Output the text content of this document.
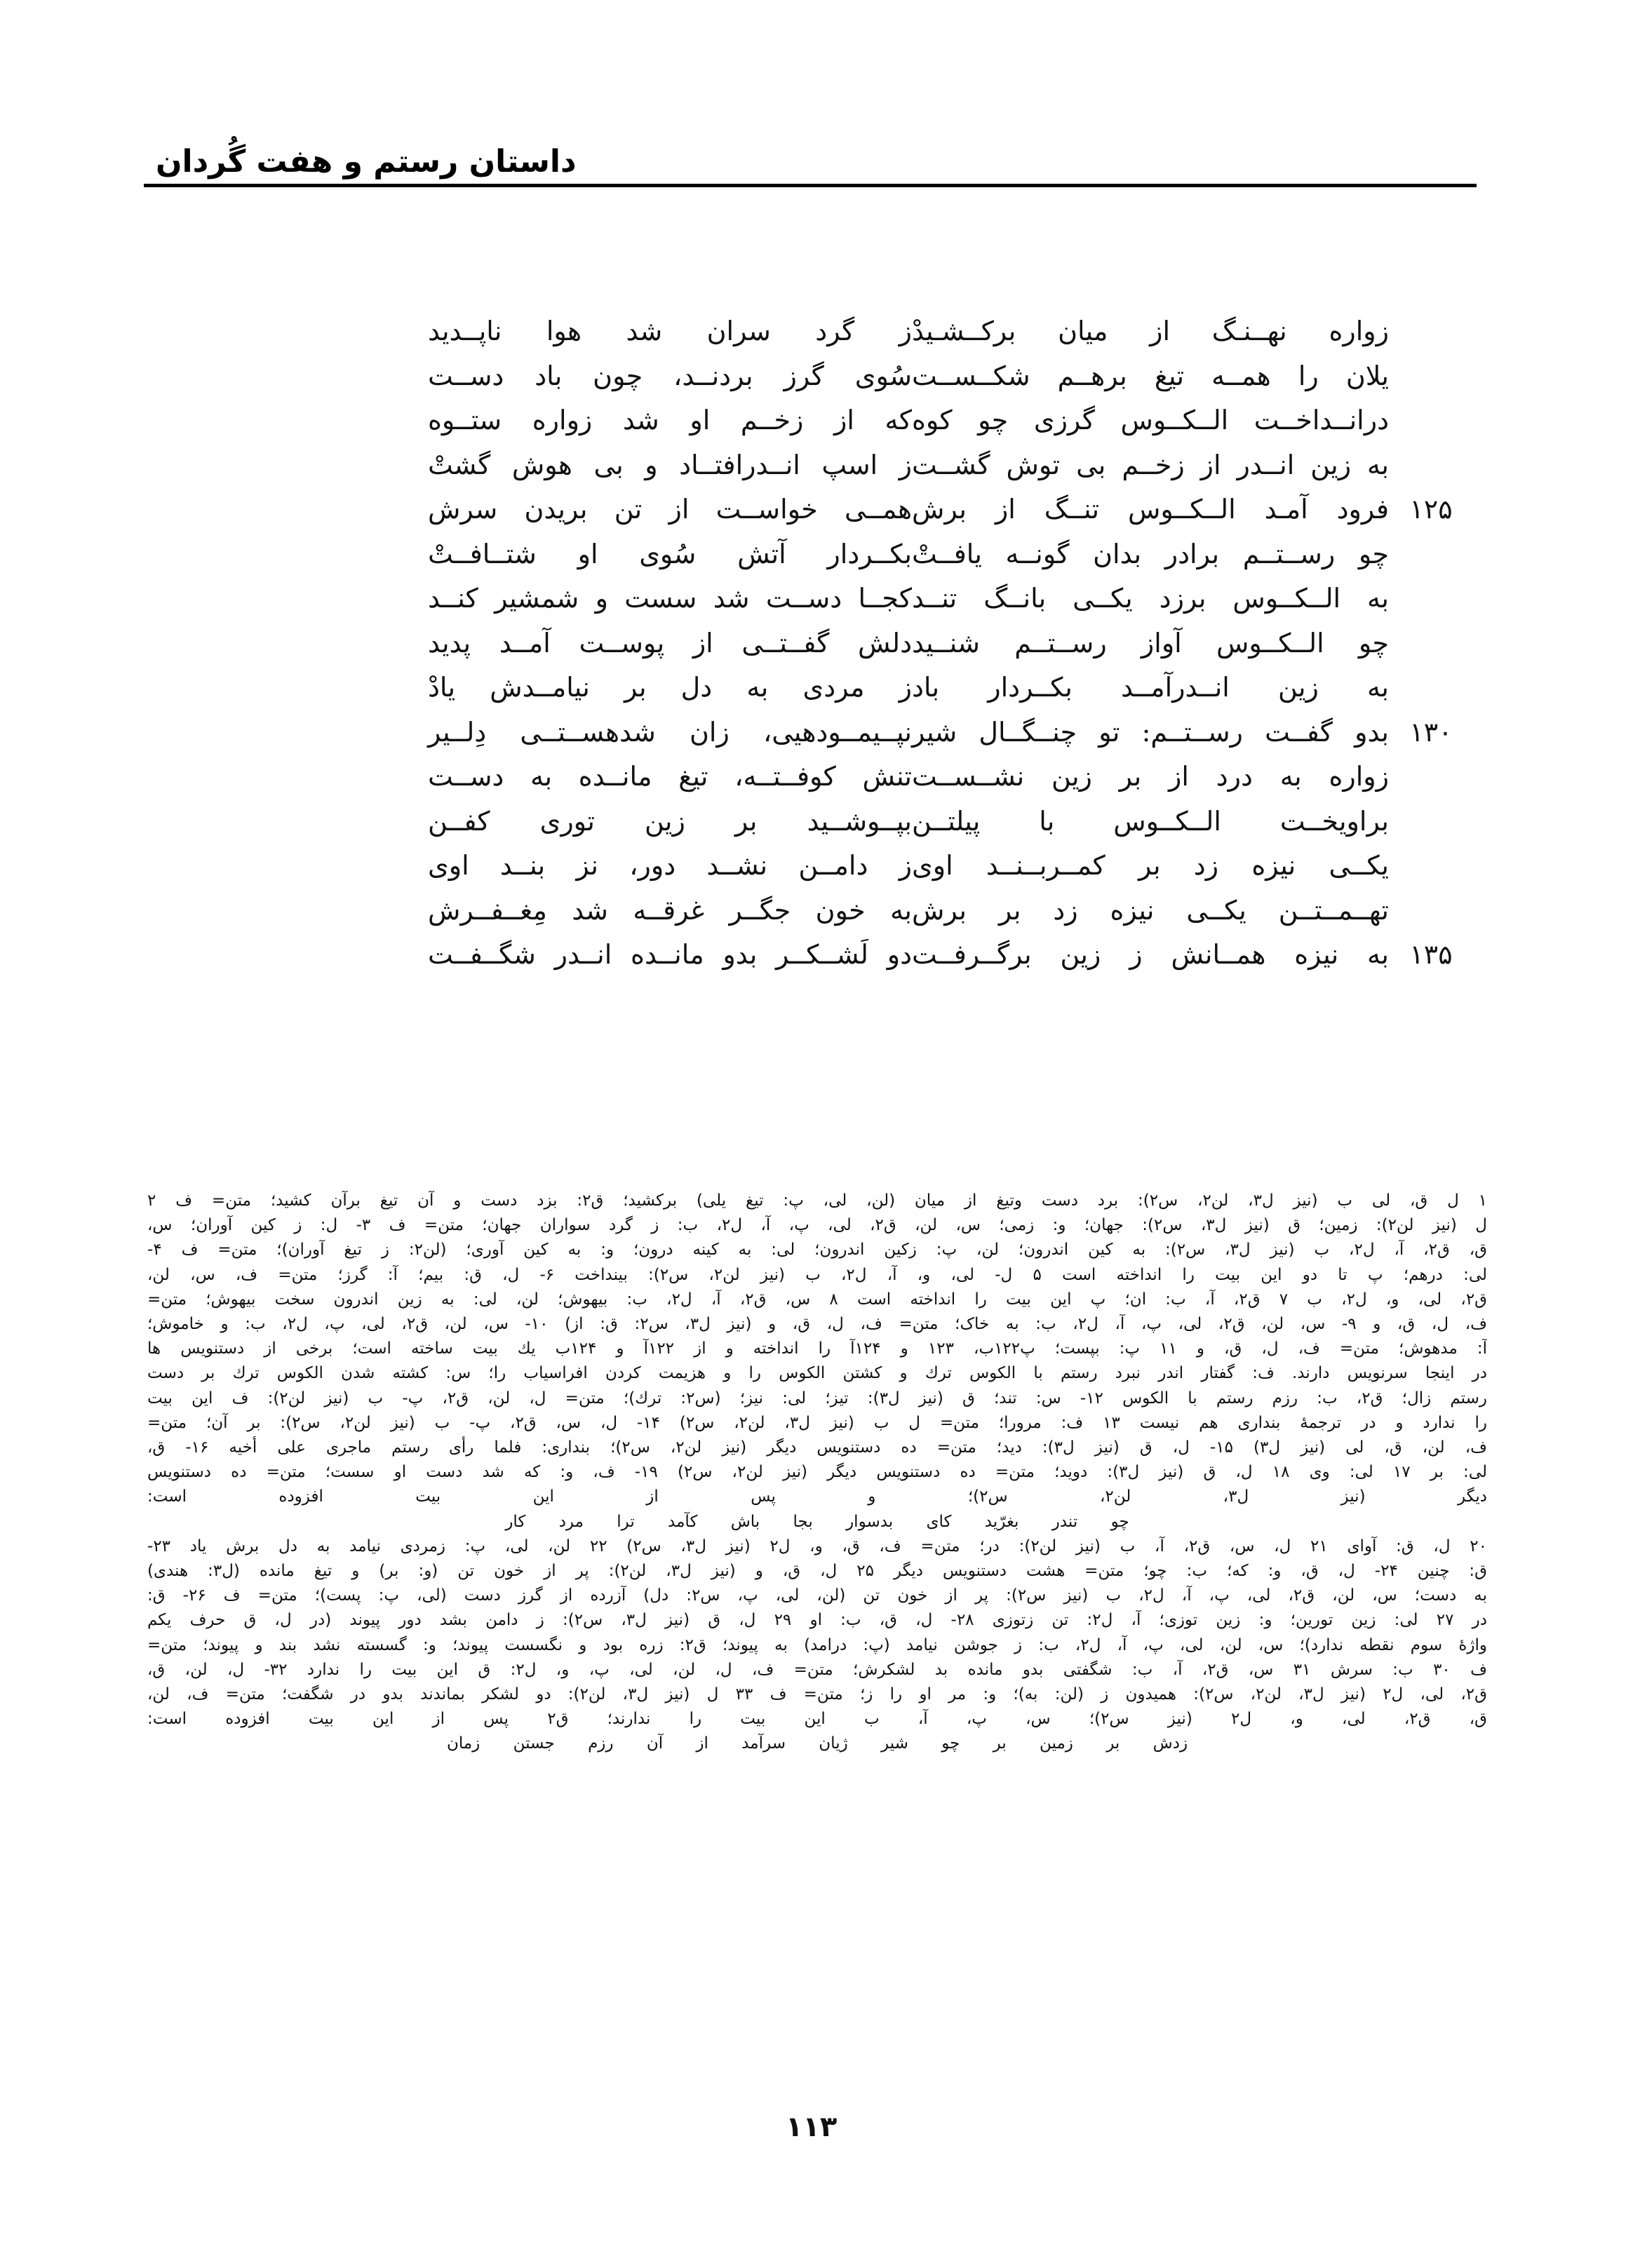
داستان رستم و هفت گُردان
زواره نهــنـگ از میان برکــشـیدْ
ز گرد سران شد هوا ناپــدید
یلان را همــه تیغ برهــم شکــســت
سُوی گرز بردنــد، چون باد دســت
درانــداخــت الــکــوس گرزی چو کوه
که از زخــم او شد زواره ستــوه
به زین انــدر از زخــم بی توش گشــت
ز اسپ انــدرافتــاد و بی هوش گشتْ
۱۲۵
فرود آمـد الــکــوس تنــگ از برش
همــی خواســت از تن بریدن سرش
چو رســتــم برادر بدان گونــه یافــتْ
بکــردار آتش سُوی او شتــافــتْ
به الــکــوس برزد یکــی بانــگ تنــد
کجــا دســت شد سست و شمشیر کنــد
چو الــکــوس آواز رســتــم شنــید
دلش گفــتــی از پوســت آمــد پدید
به زین انــدرآمــد بکــردار باد
ز مردی به دل بر نیامــدش یادْ
۱۳۰
بدو گفــت رســتــم: تو چنــگــال شیر
نپــیمــودهیی، زان شدهســتــی دِلــیر
زواره به درد از بر زین نشــســت
تنش کوفــتــه، تیغ مانــده به دســت
براویخــت الــکــوس با پیلتــن
بپــوشــید بر زین توری کفــن
یکــی نیزه زد بر کمــربــنــد اوی
ز دامــن نشــد دور، نز بنــد اوی
تهــمــتــن یکــی نیزه زد بر برش
به خون جگــر غرقــه شد مِغــفــرش
۱۳۵
به نیزه همــانش ز زین برگــرفــت
دو لَشــکــر بدو مانــده انــدر شگــفــت
۱ ل ق، لی ب (نیز ل۳، لن۲، س۲): برد دست وتیغ از میان (لن، لی، پ: تیغ یلی) برکشید؛ ق۲: بزد دست و آن تیغ برآن کشید؛ متن= ف ۲
ل (نیز لن۲): زمین؛ ق (نیز ل۳، س۲): جهان؛ و: زمی؛ س، لن، ق۲، لی، پ، آ، ل۲، ب: ز گرد سواران جهان؛ متن= ف ۳- ل: ز کین آوران؛ س،
ق، ق۲، آ، ل۲، ب (نیز ل۳، س۲): به کین اندرون؛ لن، پ: زکین اندرون؛ لی: به کینه درون؛ و: به کین آوری؛ (لن۲: ز تیغ آوران)؛ متن= ف ۴-
لی: درهم؛ پ تا دو این بیت را انداخته است ۵ ل- لی، و، آ، ل۲، ب (نیز لن۲، س۲): بینداخت ۶- ل، ق: بیم؛ آ: گرز؛ متن= ف، س، لن،
ق۲، لی، و، ل۲، ب ۷ ق۲، آ، ب: ان؛ پ این بیت را انداخته است ۸ س، ق۲، آ، ل۲، ب: بیهوش؛ لن، لی: به زین اندرون سخت بیهوش؛ متن=
ف، ل، ق، و ۹- س، لن، ق۲، لی، پ، آ، ل۲، ب: به خاک؛ متن= ف، ل، ق، و (نیز ل۳، س۲: ق: از) ۱۰- س، لن، ق۲، لی، پ، ل۲، ب: و خاموش؛
آ: مدهوش؛ متن= ف، ل، ق، و ۱۱ پ: بپست؛ پ۱۲۲ب، ۱۲۳ و ۱۲۴آ را انداخته و از ۱۲۲آ و ۱۲۴ب یك بیت ساخته است؛ برخی از دستنویس ها
در اینجا سرنویس دارند. ف: گفتار اندر نبرد رستم با الکوس ترك و کشتن الکوس را و هزیمت کردن افراسیاب را؛ س: کشته شدن الکوس ترك بر دست
رستم زال؛ ق۲، ب: رزم رستم با الکوس ۱۲- س: تند؛ ق (نیز ل۳): تیز؛ لی: نیز؛ (س۲: ترك)؛ متن= ل، لن، ق۲، پ- ب (نیز لن۲): ف این بیت
را ندارد و در ترجمهٔ بنداری هم نیست ۱۳ ف: مرورا؛ متن= ل ب (نیز ل۳، لن۲، س۲) ۱۴- ل، س، ق۲، پ- ب (نیز لن۲، س۲): بر آن؛ متن=
ف، لن، ق، لی (نیز ل۳) ۱۵- ل، ق (نیز ل۳): دید؛ متن= ده دستنویس دیگر (نیز لن۲، س۲)؛ بنداری: فلما رأی رستم ماجری علی أخیه ۱۶- ق،
لی: بر ۱۷ لی: وی ۱۸ ل، ق (نیز ل۳): دوید؛ متن= ده دستنویس دیگر (نیز لن۲، س۲) ۱۹- ف، و: که شد دست او سست؛ متن= ده دستنویس
دیگر (نیز ل۳، لن۲، س۲)؛ و پس از این بیت افزوده است:
چو تندر بغرّید کای بدسوار بجا باش کآمد ترا مرد کار
۲۰ ل، ق: آوای ۲۱ ل، س، ق۲، آ، ب (نیز لن۲): در؛ متن= ف، ق، و، ل۲ (نیز ل۳، س۲) ۲۲ لن، لی، پ: زمردی نیامد به دل برش یاد ۲۳-
ق: چنین ۲۴- ل، ق، و: که؛ ب: چو؛ متن= هشت دستنویس دیگر ۲۵ ل، ق، و (نیز ل۳، لن۲): پر از خون تن (و: بر) و تیغ مانده (ل۳: هندی)
به دست؛ س، لن، ق۲، لی، پ، آ، ل۲، ب (نیز س۲): پر از خون تن (لن، لی، پ، س۲: دل) آزرده از گرز دست (لی، پ: پست)؛ متن= ف ۲۶- ق:
در ۲۷ لی: زین تورین؛ و: زین توزی؛ آ، ل۲: تن زتوزی ۲۸- ل، ق، ب: او ۲۹ ل، ق (نیز ل۳، س۲): ز دامن بشد دور پیوند (در ل، ق حرف یکم
واژهٔ سوم نقطه ندارد)؛ س، لن، لی، پ، آ، ل۲، ب: ز جوشن نیامد (پ: درامد) به پیوند؛ ق۲: زره بود و نگسست پیوند؛ و: گسسته نشد بند و پیوند؛ متن=
ف ۳۰ ب: سرش ۳۱ س، ق۲، آ، ب: شگفتی بدو مانده بد لشکرش؛ متن= ف، ل، لن، لی، پ، و، ل۲: ق این بیت را ندارد ۳۲- ل، لن، ق،
ق۲، لی، ل۲ (نیز ل۳، لن۲، س۲): همیدون ز (لن: به)؛ و: مر او را ز؛ متن= ف ۳۳ ل (نیز ل۳، لن۲): دو لشکر بماندند بدو در شگفت؛ متن= ف، لن،
ق، ق۲، لی، و، ل۲ (نیز س۲)؛ س، پ، آ، ب این بیت را ندارند؛ ق۲ پس از این بیت افزوده است:
زدش بر زمین بر چو شیر ژیان سرآمد از آن رزم جستن زمان
۱۱۳
